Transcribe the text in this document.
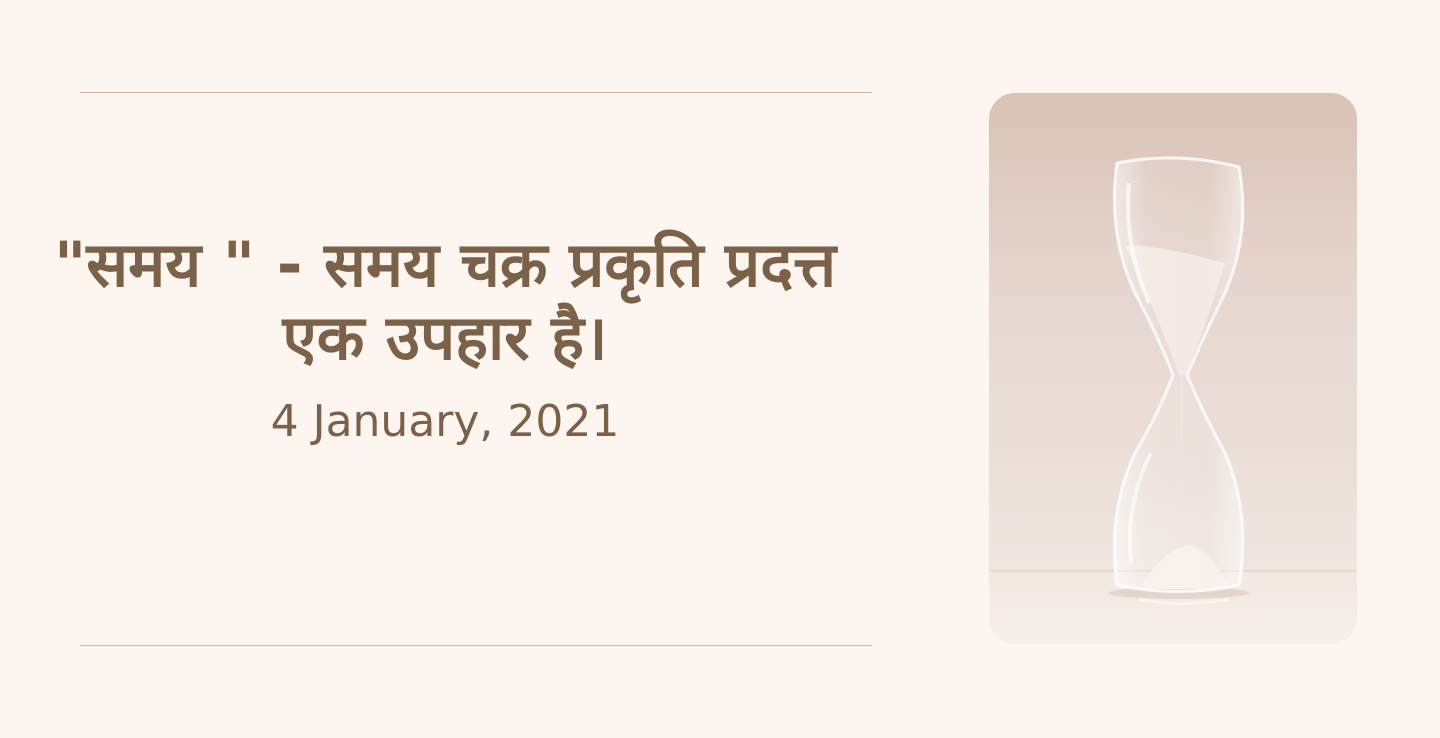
"समय " - समय चक्र प्रकृति प्रदत्त एक उपहार है।
4 January, 2021
